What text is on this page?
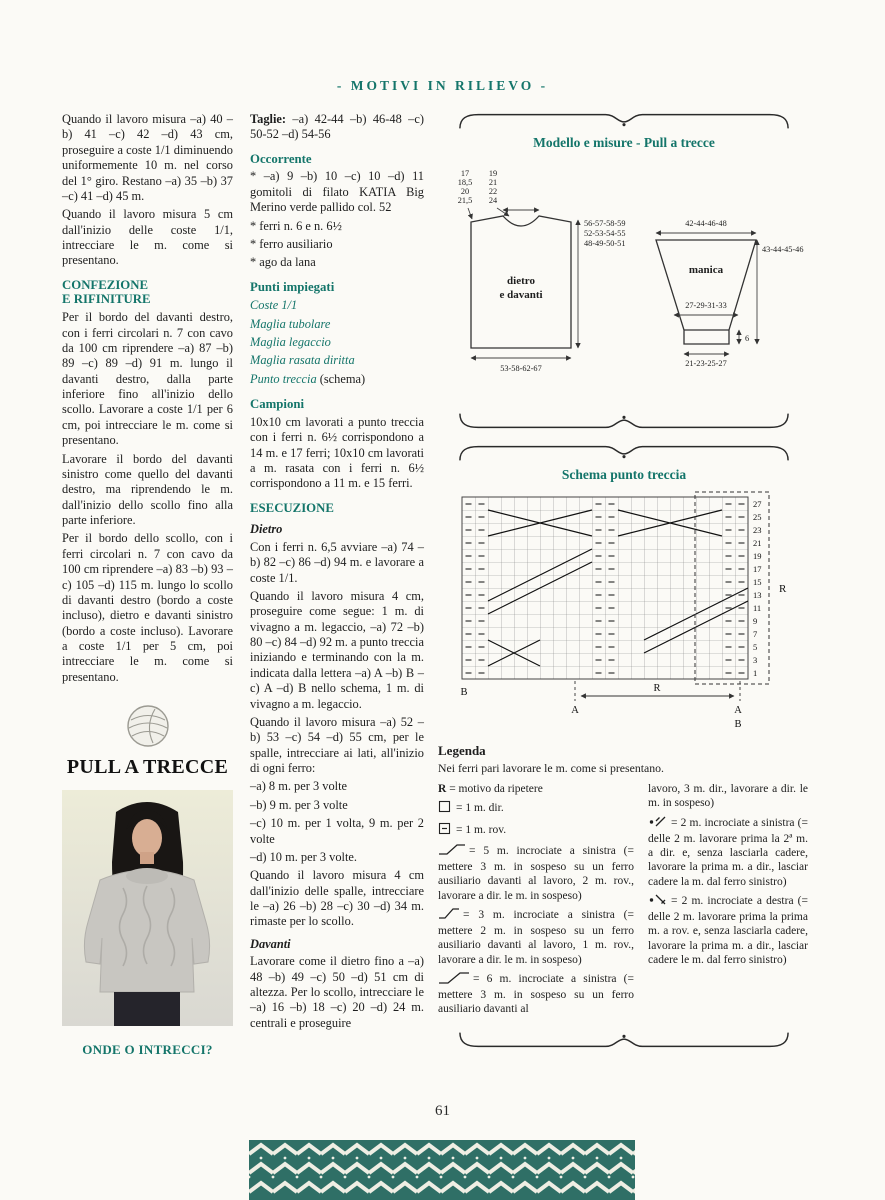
- MOTIVI IN RILIEVO -

Quando il lavoro misura –a) 40 –b) 41 –c) 42 –d) 43 cm, proseguire a coste 1/1 diminuendo uniformemente 10 m. nel corso del 1° giro. Restano –a) 35 –b) 37 –c) 41 –d) 45 m.

Quando il lavoro misura 5 cm dall'inizio delle coste 1/1, intrecciare le m. come si presentano.

CONFEZIONE
E RIFINITURE

Per il bordo del davanti destro, con i ferri circolari n. 7 con cavo da 100 cm riprendere –a) 87 –b) 89 –c) 89 –d) 91 m. lungo il davanti destro, dalla parte inferiore fino all'inizio dello scollo. Lavorare a coste 1/1 per 6 cm, poi intrecciare le m. come si presentano.

Lavorare il bordo del davanti sinistro come quello del davanti destro, ma riprendendo le m. dall'inizio dello scollo fino alla parte inferiore.

Per il bordo dello scollo, con i ferri circolari n. 7 con cavo da 100 cm riprendere –a) 83 –b) 93 –c) 105 –d) 115 m. lungo lo scollo di davanti destro (bordo a coste incluso), dietro e davanti sinistro (bordo a coste incluso). Lavorare a coste 1/1 per 5 cm, poi intrecciare le m. come si presentano.

PULL A TRECCE
ONDE O INTRECCI?

Taglie: –a) 42-44 –b) 46-48 –c) 50-52 –d) 54-56

Occorrente

* –a) 9 –b) 10 –c) 10 –d) 11 gomitoli di filato KATIA Big Merino verde pallido col. 52

* ferri n. 6 e n. 6½

* ferro ausiliario

* ago da lana

Punti impiegati
Coste 1/1
Maglia tubolare
Maglia legaccio
Maglia rasata diritta
Punto treccia (schema)
Campioni

10x10 cm lavorati a punto treccia con i ferri n. 6½ corrispondono a 14 m. e 17 ferri; 10x10 cm lavorati a m. rasata con i ferri n. 6½ corrispondono a 11 m. e 15 ferri.

ESECUZIONE
Dietro

Con i ferri n. 6,5 avviare –a) 74 –b) 82 –c) 86 –d) 94 m. e lavorare a coste 1/1.

Quando il lavoro misura 4 cm, proseguire come segue: 1 m. di vivagno a m. legaccio, –a) 72 –b) 80 –c) 84 –d) 92 m. a punto treccia iniziando e terminando con la m. indicata dalla lettera –a) A –b) B –c) A –d) B nello schema, 1 m. di vivagno a m. legaccio.

Quando il lavoro misura –a) 52 –b) 53 –c) 54 –d) 55 cm, per le spalle, intrecciare ai lati, all'inizio di ogni ferro:

–a) 8 m. per 3 volte

–b) 9 m. per 3 volte

–c) 10 m. per 1 volta, 9 m. per 2 volte

–d) 10 m. per 3 volte.

Quando il lavoro misura 4 cm dall'inizio delle spalle, intrecciare le –a) 26 –b) 28 –c) 30 –d) 34 m. rimaste per lo scollo.

Davanti

Lavorare come il dietro fino a –a) 48 –b) 49 –c) 50 –d) 51 cm di altezza. Per lo scollo, intrecciare le –a) 16 –b) 18 –c) 20 –d) 24 m. centrali e proseguire

Modello e misure - Pull a trecce
17
18,5
20
21,5
19
21
22
24
56-57-58-59
52-53-54-55
48-49-50-51
53-58-62-67
42-44-46-48
43-44-45-46
27-29-31-33
21-23-25-27
6
dietro
e davanti
manica
Schema punto treccia
27
25
23
21
19
17
15
13
11
9
7
5
3
1
R
R
B
A	A
B
Legenda
Nei ferri pari lavorare le m. come si presentano.

R = motivo da ripetere

= 1 m. dir.

= 1 m. rov.

= 5 m. incrociate a sinistra (= mettere 3 m. in sospeso su un ferro ausiliario davanti al lavoro, 2 m. rov., lavorare a dir. le m. in sospeso)

= 3 m. incrociate a sinistra (= mettere 2 m. in sospeso su un ferro ausiliario davanti al lavoro, 1 m. rov., lavorare a dir. le m. in sospeso)

= 6 m. incrociate a sinistra (= mettere 3 m. in sospeso su un ferro ausiliario davanti al

lavoro, 3 m. dir., lavorare a dir. le m. in sospeso)

= 2 m. incrociate a sinistra (= delle 2 m. lavorare prima la 2ª m. a dir. e, senza lasciarla cadere, lavorare la prima m. a dir., lasciar cadere la m. dal ferro sinistro)

= 2 m. incrociate a destra (= delle 2 m. lavorare prima la prima m. a rov. e, senza lasciarla cadere, lavorare la prima m. a dir., lasciar cadere le m. dal ferro sinistro)

61
